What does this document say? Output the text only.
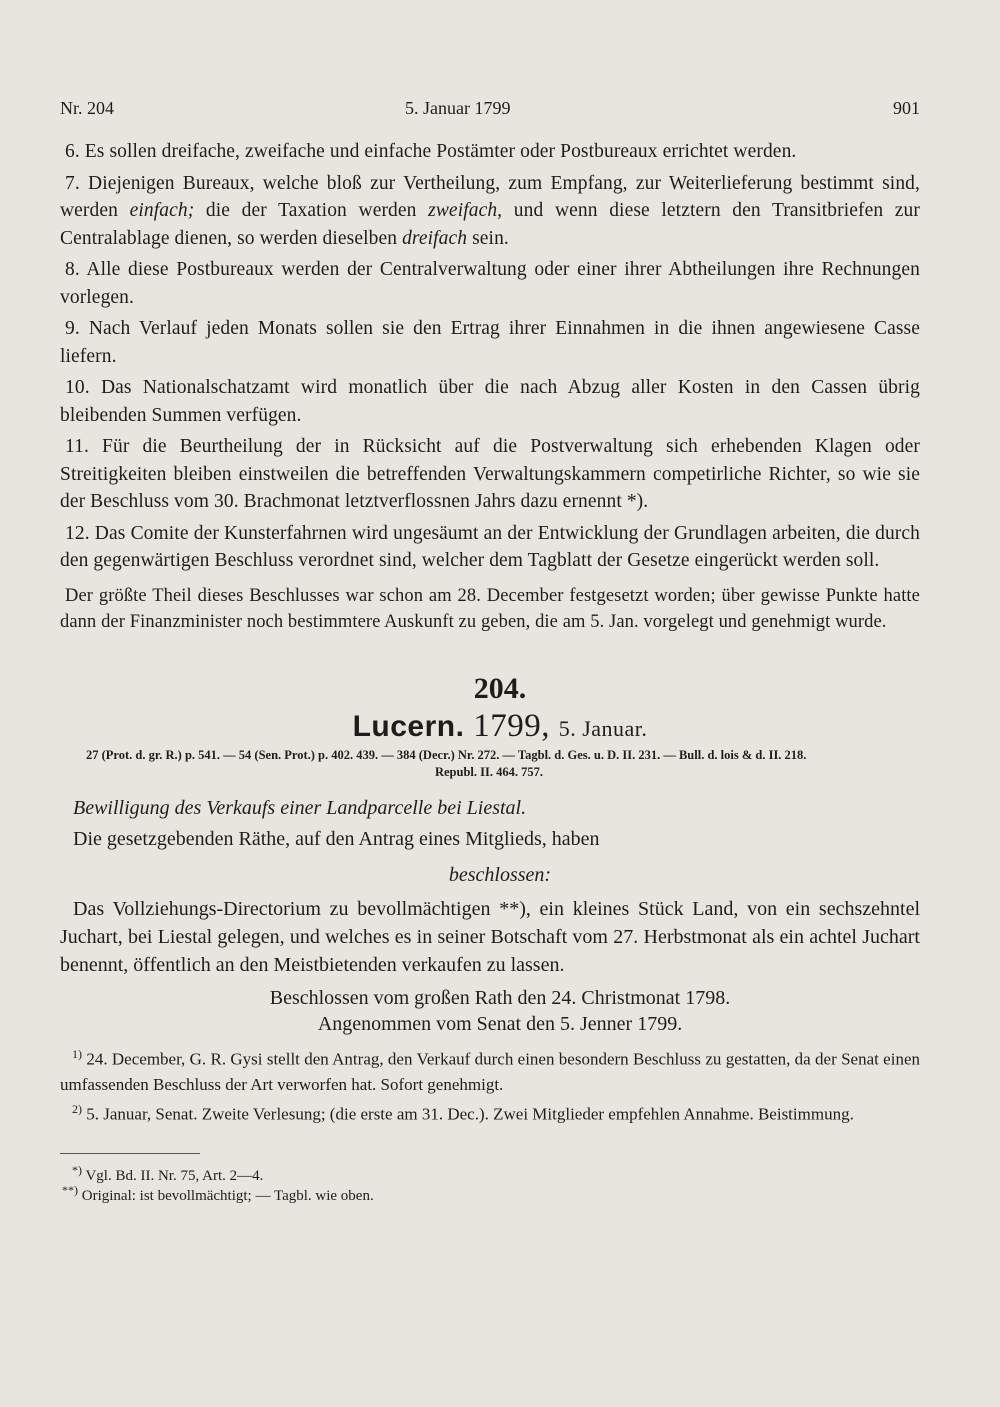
Nr. 204	5. Januar 1799	901

6. Es sollen dreifache, zweifache und einfache Postämter oder Postbureaux errichtet werden.

7. Diejenigen Bureaux, welche bloß zur Vertheilung, zum Empfang, zur Weiterlieferung bestimmt sind, werden einfach; die der Taxation werden zweifach, und wenn diese letztern den Transitbriefen zur Centralablage dienen, so werden dieselben dreifach sein.

8. Alle diese Postbureaux werden der Centralverwaltung oder einer ihrer Abtheilungen ihre Rechnungen vorlegen.

9. Nach Verlauf jeden Monats sollen sie den Ertrag ihrer Einnahmen in die ihnen angewiesene Casse liefern.

10. Das Nationalschatzamt wird monatlich über die nach Abzug aller Kosten in den Cassen übrig bleibenden Summen verfügen.

11. Für die Beurtheilung der in Rücksicht auf die Postverwaltung sich erhebenden Klagen oder Streitigkeiten bleiben einstweilen die betreffenden Verwaltungskammern competirliche Richter, so wie sie der Beschluss vom 30. Brachmonat letztverflossnen Jahrs dazu ernennt *).

12. Das Comite der Kunsterfahrnen wird ungesäumt an der Entwicklung der Grundlagen arbeiten, die durch den gegenwärtigen Beschluss verordnet sind, welcher dem Tagblatt der Gesetze eingerückt werden soll.

Der größte Theil dieses Beschlusses war schon am 28. December festgesetzt worden; über gewisse Punkte hatte dann der Finanzminister noch bestimmtere Auskunft zu geben, die am 5. Jan. vorgelegt und genehmigt wurde.

204.
Lucern. 1799, 5. Januar.
27 (Prot. d. gr. R.) p. 541. — 54 (Sen. Prot.) p. 402. 439. — 384 (Decr.) Nr. 272. — Tagbl. d. Ges. u. D. II. 231. — Bull. d. lois & d. II. 218.
Republ. II. 464. 757.
Bewilligung des Verkaufs einer Landparcelle bei Liestal.
Die gesetzgebenden Räthe, auf den Antrag eines Mitglieds, haben
beschlossen:
Das Vollziehungs-Directorium zu bevollmächtigen **), ein kleines Stück Land, von ein sechszehntel Juchart, bei Liestal gelegen, und welches es in seiner Botschaft vom 27. Herbstmonat als ein achtel Juchart benennt, öffentlich an den Meistbietenden verkaufen zu lassen.
Beschlossen vom großen Rath den 24. Christmonat 1798.
Angenommen vom Senat den 5. Jenner 1799.
$^{1)}$ 24. December, G. R. Gysi stellt den Antrag, den Verkauf durch einen besondern Beschluss zu gestatten, da der Senat einen umfassenden Beschluss der Art verworfen hat. Sofort genehmigt.
$^{2)}$ 5. Januar, Senat. Zweite Verlesung; (die erste am 31. Dec.). Zwei Mitglieder empfehlen Annahme. Beistimmung.
*) Vgl. Bd. II. Nr. 75, Art. 2—4.
**) Original: ist bevollmächtigt; — Tagbl. wie oben.
